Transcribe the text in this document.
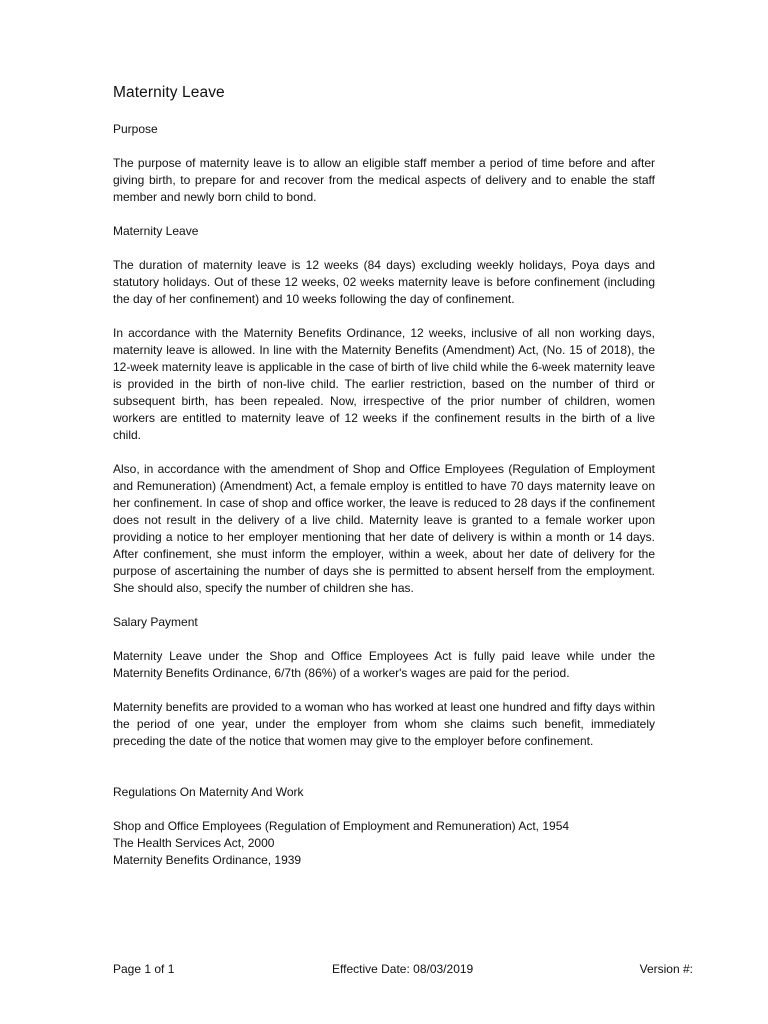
Maternity Leave
Purpose

The purpose of maternity leave is to allow an eligible staff member a period of time before and after giving birth, to prepare for and recover from the medical aspects of delivery and to enable the staff member and newly born child to bond.

Maternity Leave

The duration of maternity leave is 12 weeks (84 days) excluding weekly holidays, Poya days and statutory holidays. Out of these 12 weeks, 02 weeks maternity leave is before confinement (including the day of her confinement) and 10 weeks following the day of confinement.

In accordance with the Maternity Benefits Ordinance, 12 weeks, inclusive of all non working days, maternity leave is allowed. In line with the Maternity Benefits (Amendment) Act, (No. 15 of 2018), the 12-week maternity leave is applicable in the case of birth of live child while the 6-week maternity leave is provided in the birth of non-live child. The earlier restriction, based on the number of third or subsequent birth, has been repealed. Now, irrespective of the prior number of children, women workers are entitled to maternity leave of 12 weeks if the confinement results in the birth of a live child.

Also, in accordance with the amendment of Shop and Office Employees (Regulation of Employment and Remuneration) (Amendment) Act, a female employ is entitled to have 70 days maternity leave on her confinement. In case of shop and office worker, the leave is reduced to 28 days if the confinement does not result in the delivery of a live child. Maternity leave is granted to a female worker upon providing a notice to her employer mentioning that her date of delivery is within a month or 14 days. After confinement, she must inform the employer, within a week, about her date of delivery for the purpose of ascertaining the number of days she is permitted to absent herself from the employment. She should also, specify the number of children she has.

Salary Payment

Maternity Leave under the Shop and Office Employees Act is fully paid leave while under the Maternity Benefits Ordinance, 6/7th (86%) of a worker's wages are paid for the period.

Maternity benefits are provided to a woman who has worked at least one hundred and fifty days within the period of one year, under the employer from whom she claims such benefit, immediately preceding the date of the notice that women may give to the employer before confinement.

Regulations On Maternity And Work
Shop and Office Employees (Regulation of Employment and Remuneration) Act, 1954
The Health Services Act, 2000
Maternity Benefits Ordinance, 1939
Page 1 of 1	Effective Date: 08/03/2019	Version #:
